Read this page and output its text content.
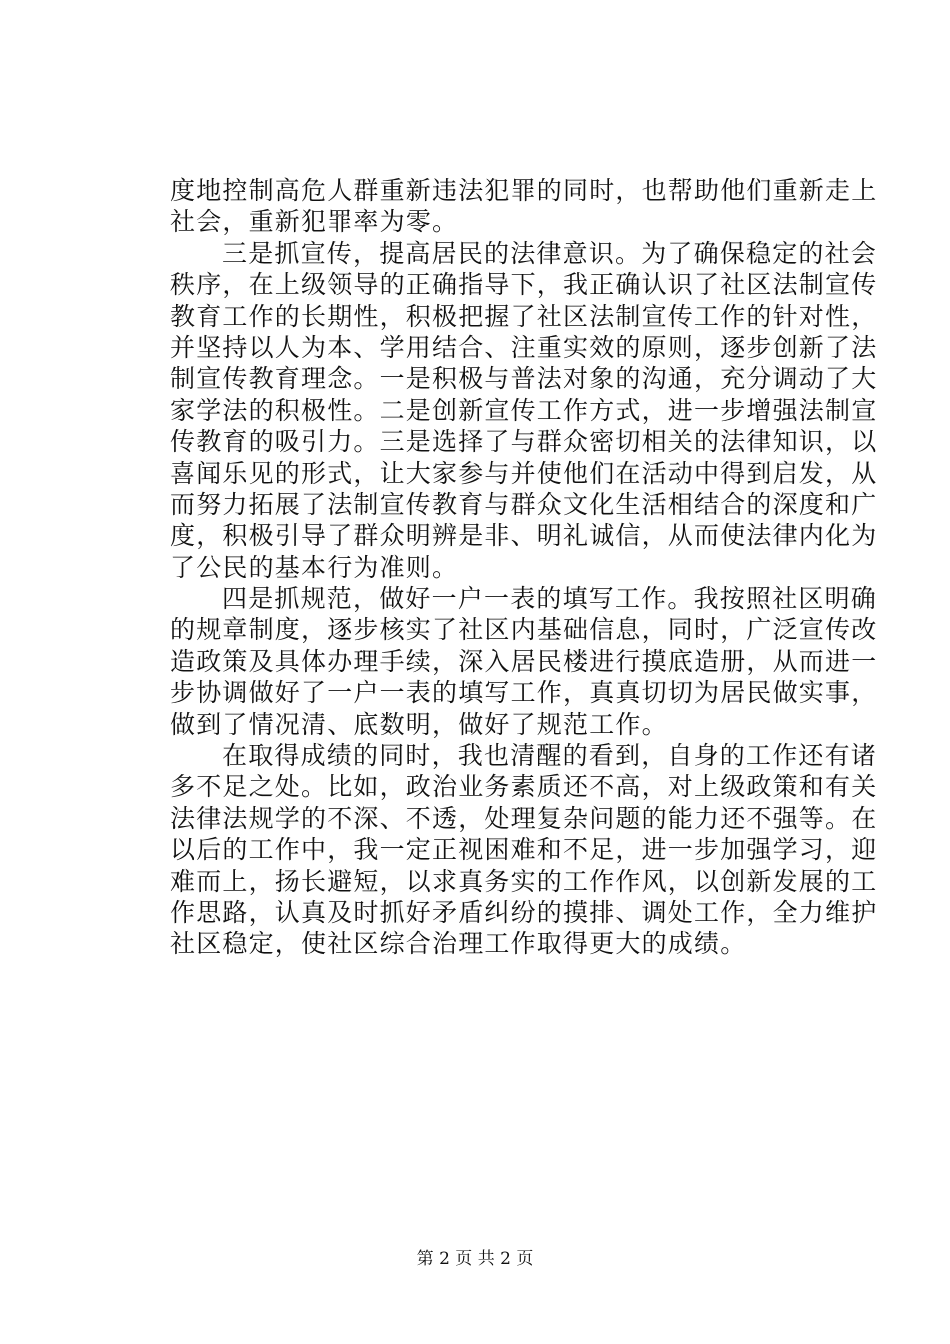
度地控制高危人群重新违法犯罪的同时，也帮助他们重新走上
社会，重新犯罪率为零。
三是抓宣传，提高居民的法律意识。为了确保稳定的社会
秩序，在上级领导的正确指导下，我正确认识了社区法制宣传
教育工作的长期性，积极把握了社区法制宣传工作的针对性，
并坚持以人为本、学用结合、注重实效的原则，逐步创新了法
制宣传教育理念。一是积极与普法对象的沟通，充分调动了大
家学法的积极性。二是创新宣传工作方式，进一步增强法制宣
传教育的吸引力。三是选择了与群众密切相关的法律知识，以
喜闻乐见的形式，让大家参与并使他们在活动中得到启发，从
而努力拓展了法制宣传教育与群众文化生活相结合的深度和广
度，积极引导了群众明辨是非、明礼诚信，从而使法律内化为
了公民的基本行为准则。
四是抓规范，做好一户一表的填写工作。我按照社区明确
的规章制度，逐步核实了社区内基础信息，同时，广泛宣传改
造政策及具体办理手续，深入居民楼进行摸底造册，从而进一
步协调做好了一户一表的填写工作，真真切切为居民做实事，
做到了情况清、底数明，做好了规范工作。
在取得成绩的同时，我也清醒的看到，自身的工作还有诸
多不足之处。比如，政治业务素质还不高，对上级政策和有关
法律法规学的不深、不透，处理复杂问题的能力还不强等。在
以后的工作中，我一定正视困难和不足，进一步加强学习，迎
难而上，扬长避短，以求真务实的工作作风，以创新发展的工
作思路，认真及时抓好矛盾纠纷的摸排、调处工作，全力维护
社区稳定，使社区综合治理工作取得更大的成绩。
第 2 页 共 2 页
